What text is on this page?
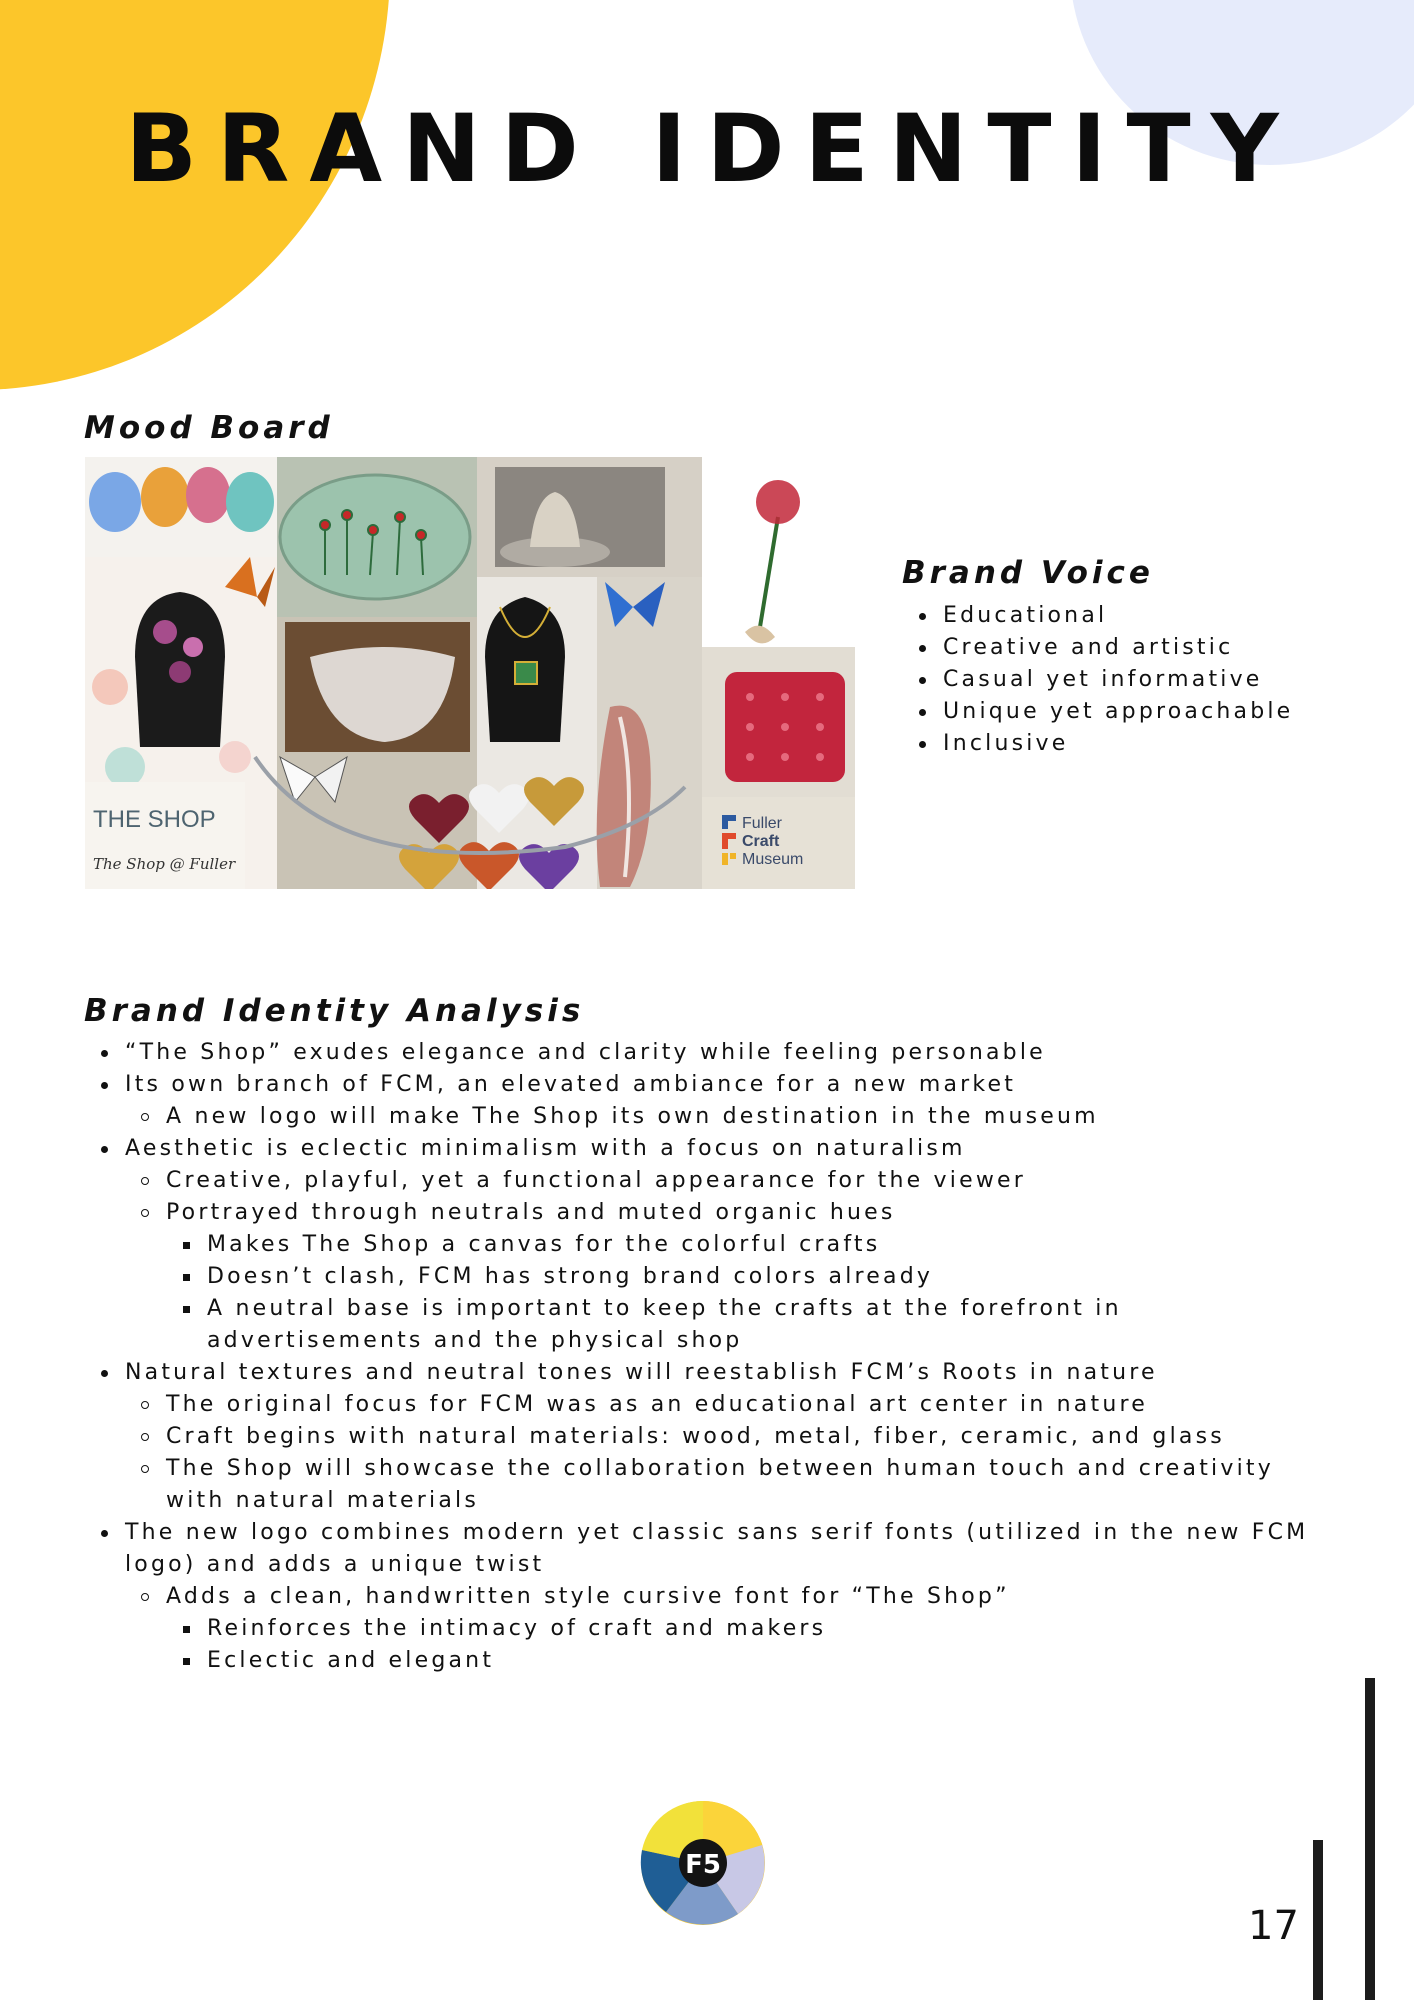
BRAND IDENTITY
Mood Board
THE SHOP
The Shop @ Fuller
Fuller
Craft
Museum
Brand Voice
Educational
Creative and artistic
Casual yet informative
Unique yet approachable
Inclusive
Brand Identity Analysis
“The Shop” exudes elegance and clarity while feeling personable
Its own branch of FCM, an elevated ambiance for a new market
A new logo will make The Shop its own destination in the museum
Aesthetic is eclectic minimalism with a focus on naturalism
Creative, playful, yet a functional appearance for the viewer
Portrayed through neutrals and muted organic hues
Makes The Shop a canvas for the colorful crafts
Doesn’t clash, FCM has strong brand colors already
A neutral base is important to keep the crafts at the forefront in advertisements and the physical shop
Natural textures and neutral tones will reestablish FCM’s Roots in nature
The original focus for FCM was as an educational art center in nature
Craft begins with natural materials: wood, metal, fiber, ceramic, and glass
The Shop will showcase the collaboration between human touch and creativity with natural materials
The new logo combines modern yet classic sans serif fonts (utilized in the new FCM logo) and adds a unique twist
Adds a clean, handwritten style cursive font for “The Shop”
Reinforces the intimacy of craft and makers
Eclectic and elegant
F5
17
